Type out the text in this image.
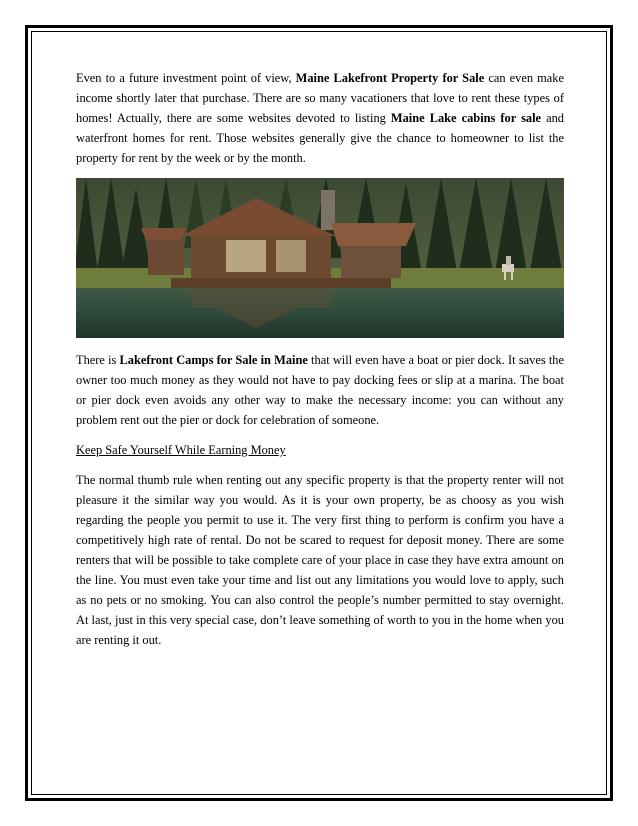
Even to a future investment point of view, Maine Lakefront Property for Sale can even make income shortly later that purchase. There are so many vacationers that love to rent these types of homes! Actually, there are some websites devoted to listing Maine Lake cabins for sale and waterfront homes for rent. Those websites generally give the chance to homeowner to list the property for rent by the week or by the month.

There is Lakefront Camps for Sale in Maine that will even have a boat or pier dock. It saves the owner too much money as they would not have to pay docking fees or slip at a marina. The boat or pier dock even avoids any other way to make the necessary income: you can without any problem rent out the pier or dock for celebration of someone.

Keep Safe Yourself While Earning Money

The normal thumb rule when renting out any specific property is that the property renter will not pleasure it the similar way you would. As it is your own property, be as choosy as you wish regarding the people you permit to use it. The very first thing to perform is confirm you have a competitively high rate of rental. Do not be scared to request for deposit money. There are some renters that will be possible to take complete care of your place in case they have extra amount on the line. You must even take your time and list out any limitations you would love to apply, such as no pets or no smoking. You can also control the people’s number permitted to stay overnight. At last, just in this very special case, don’t leave something of worth to you in the home when you are renting it out.
